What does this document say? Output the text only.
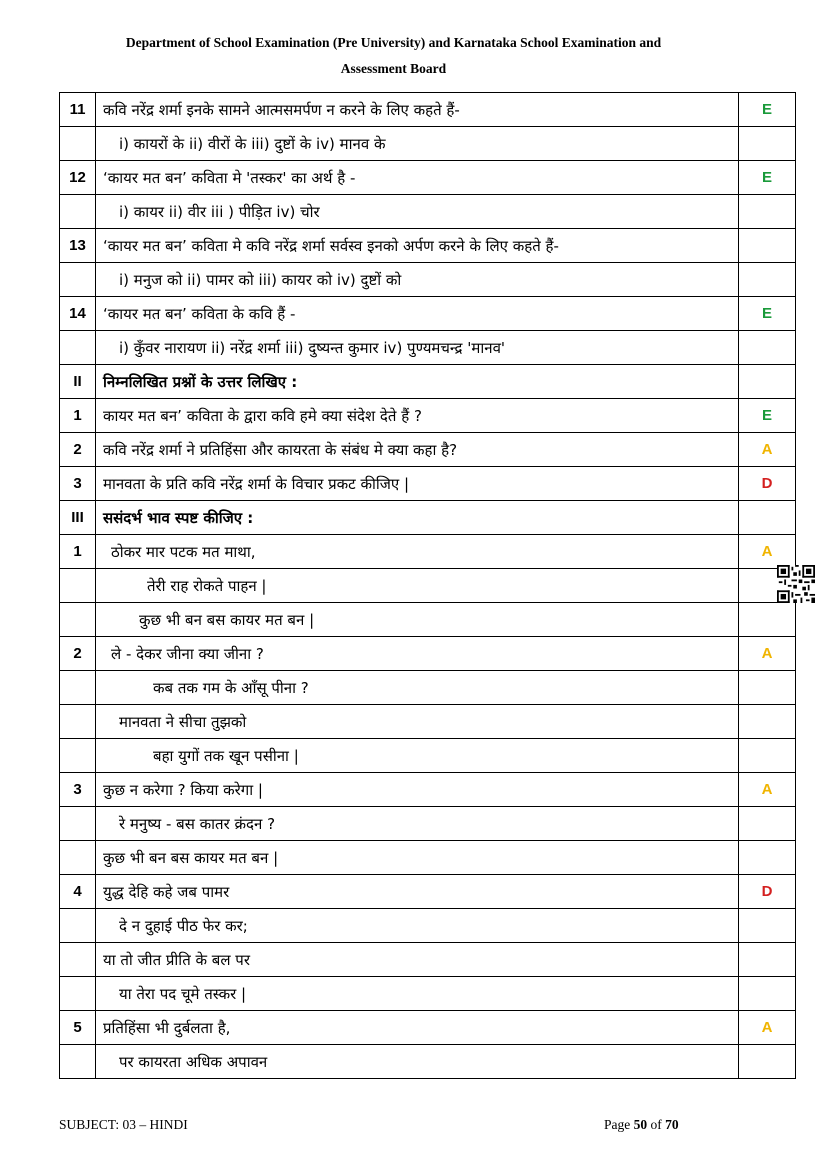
Department of School Examination (Pre University) and Karnataka School Examination and
Assessment Board
11	कवि नरेंद्र शर्मा इनके सामने आत्मसमर्पण न करने के लिए कहते हैं-	E
	i) कायरों के ii) वीरों के iii) दुष्टों के iv) मानव के	
12	‘कायर मत बन’ कविता मे 'तस्कर' का अर्थ है -	E
	i) कायर ii) वीर iii ) पीड़ित iv) चोर	
13	‘कायर मत बन’ कविता मे कवि नरेंद्र शर्मा सर्वस्व इनको अर्पण करने के लिए कहते हैं-	
	i) मनुज को ii) पामर को iii) कायर को iv) दुष्टों को	
14	‘कायर मत बन’ कविता के कवि हैं -	E
	i) कुँवर नारायण ii) नरेंद्र शर्मा iii) दुष्यन्त कुमार iv) पुण्यमचन्द्र 'मानव'	
II	निम्नलिखित प्रश्नों के उत्तर लिखिए :	
1	कायर मत बन’ कविता के द्वारा कवि हमे क्या संदेश देते हैं ?	E
2	कवि नरेंद्र शर्मा ने प्रतिहिंसा और कायरता के संबंध मे क्या कहा है?	A
3	मानवता के प्रति कवि नरेंद्र शर्मा के विचार प्रकट कीजिए |	D
III	ससंदर्भ भाव स्पष्ट कीजिए :	
1	ठोकर मार पटक मत माथा,	A
	तेरी राह रोकते पाहन |	
	कुछ भी बन बस कायर मत बन |	
2	ले - देकर जीना क्या जीना ?	A
	कब तक गम के आँसू पीना ?	
	मानवता ने सीचा तुझको	
	बहा युगों तक खून पसीना |	
3	कुछ न करेगा ? किया करेगा |	A
	रे मनुष्य - बस कातर क्रंदन ?	
	कुछ भी बन बस कायर मत बन |	
4	युद्ध देहि कहे जब पामर	D
	दे न दुहाई पीठ फेर कर;	
	या तो जीत प्रीति के बल पर	
	या तेरा पद चूमे तस्कर |	
5	प्रतिहिंसा भी दुर्बलता है,	A
	पर कायरता अधिक अपावन	
SUBJECT: 03 – HINDI	Page 50 of 70
